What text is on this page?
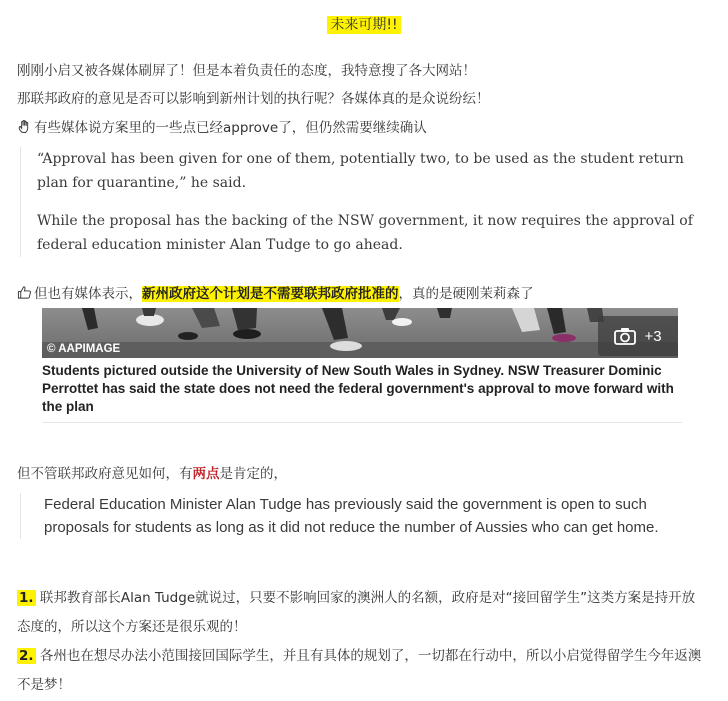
未来可期!!
刚刚小启又被各媒体刷屏了！但是本着负责任的态度，我特意搜了各大网站！
那联邦政府的意见是否可以影响到新州计划的执行呢？各媒体真的是众说纷纭！
有些媒体说方案里的一些点已经approve了，但仍然需要继续确认

“Approval has been given for one of them, potentially two, to be used as the student return plan for quarantine,” he said.

While the proposal has the backing of the NSW government, it now requires the approval of federal education minister Alan Tudge to go ahead.

但也有媒体表示，新州政府这个计划是不需要联邦政府批准的，真的是硬刚茉莉森了
© AAPIMAGE
+3
Students pictured outside the University of New South Wales in Sydney. NSW Treasurer Dominic Perrottet has said the state does not need the federal government's approval to move forward with the plan
但不管联邦政府意见如何，有两点是肯定的，
Federal Education Minister Alan Tudge has previously said the government is open to such proposals for students as long as it did not reduce the number of Aussies who can get home.
1. 联邦教育部长Alan Tudge就说过，只要不影响回家的澳洲人的名额，政府是对“接回留学生”这类方案是持开放态度的，所以这个方案还是很乐观的！
2. 各州也在想尽办法小范围接回国际学生，并且有具体的规划了，一切都在行动中，所以小启觉得留学生今年返澳不是梦！
